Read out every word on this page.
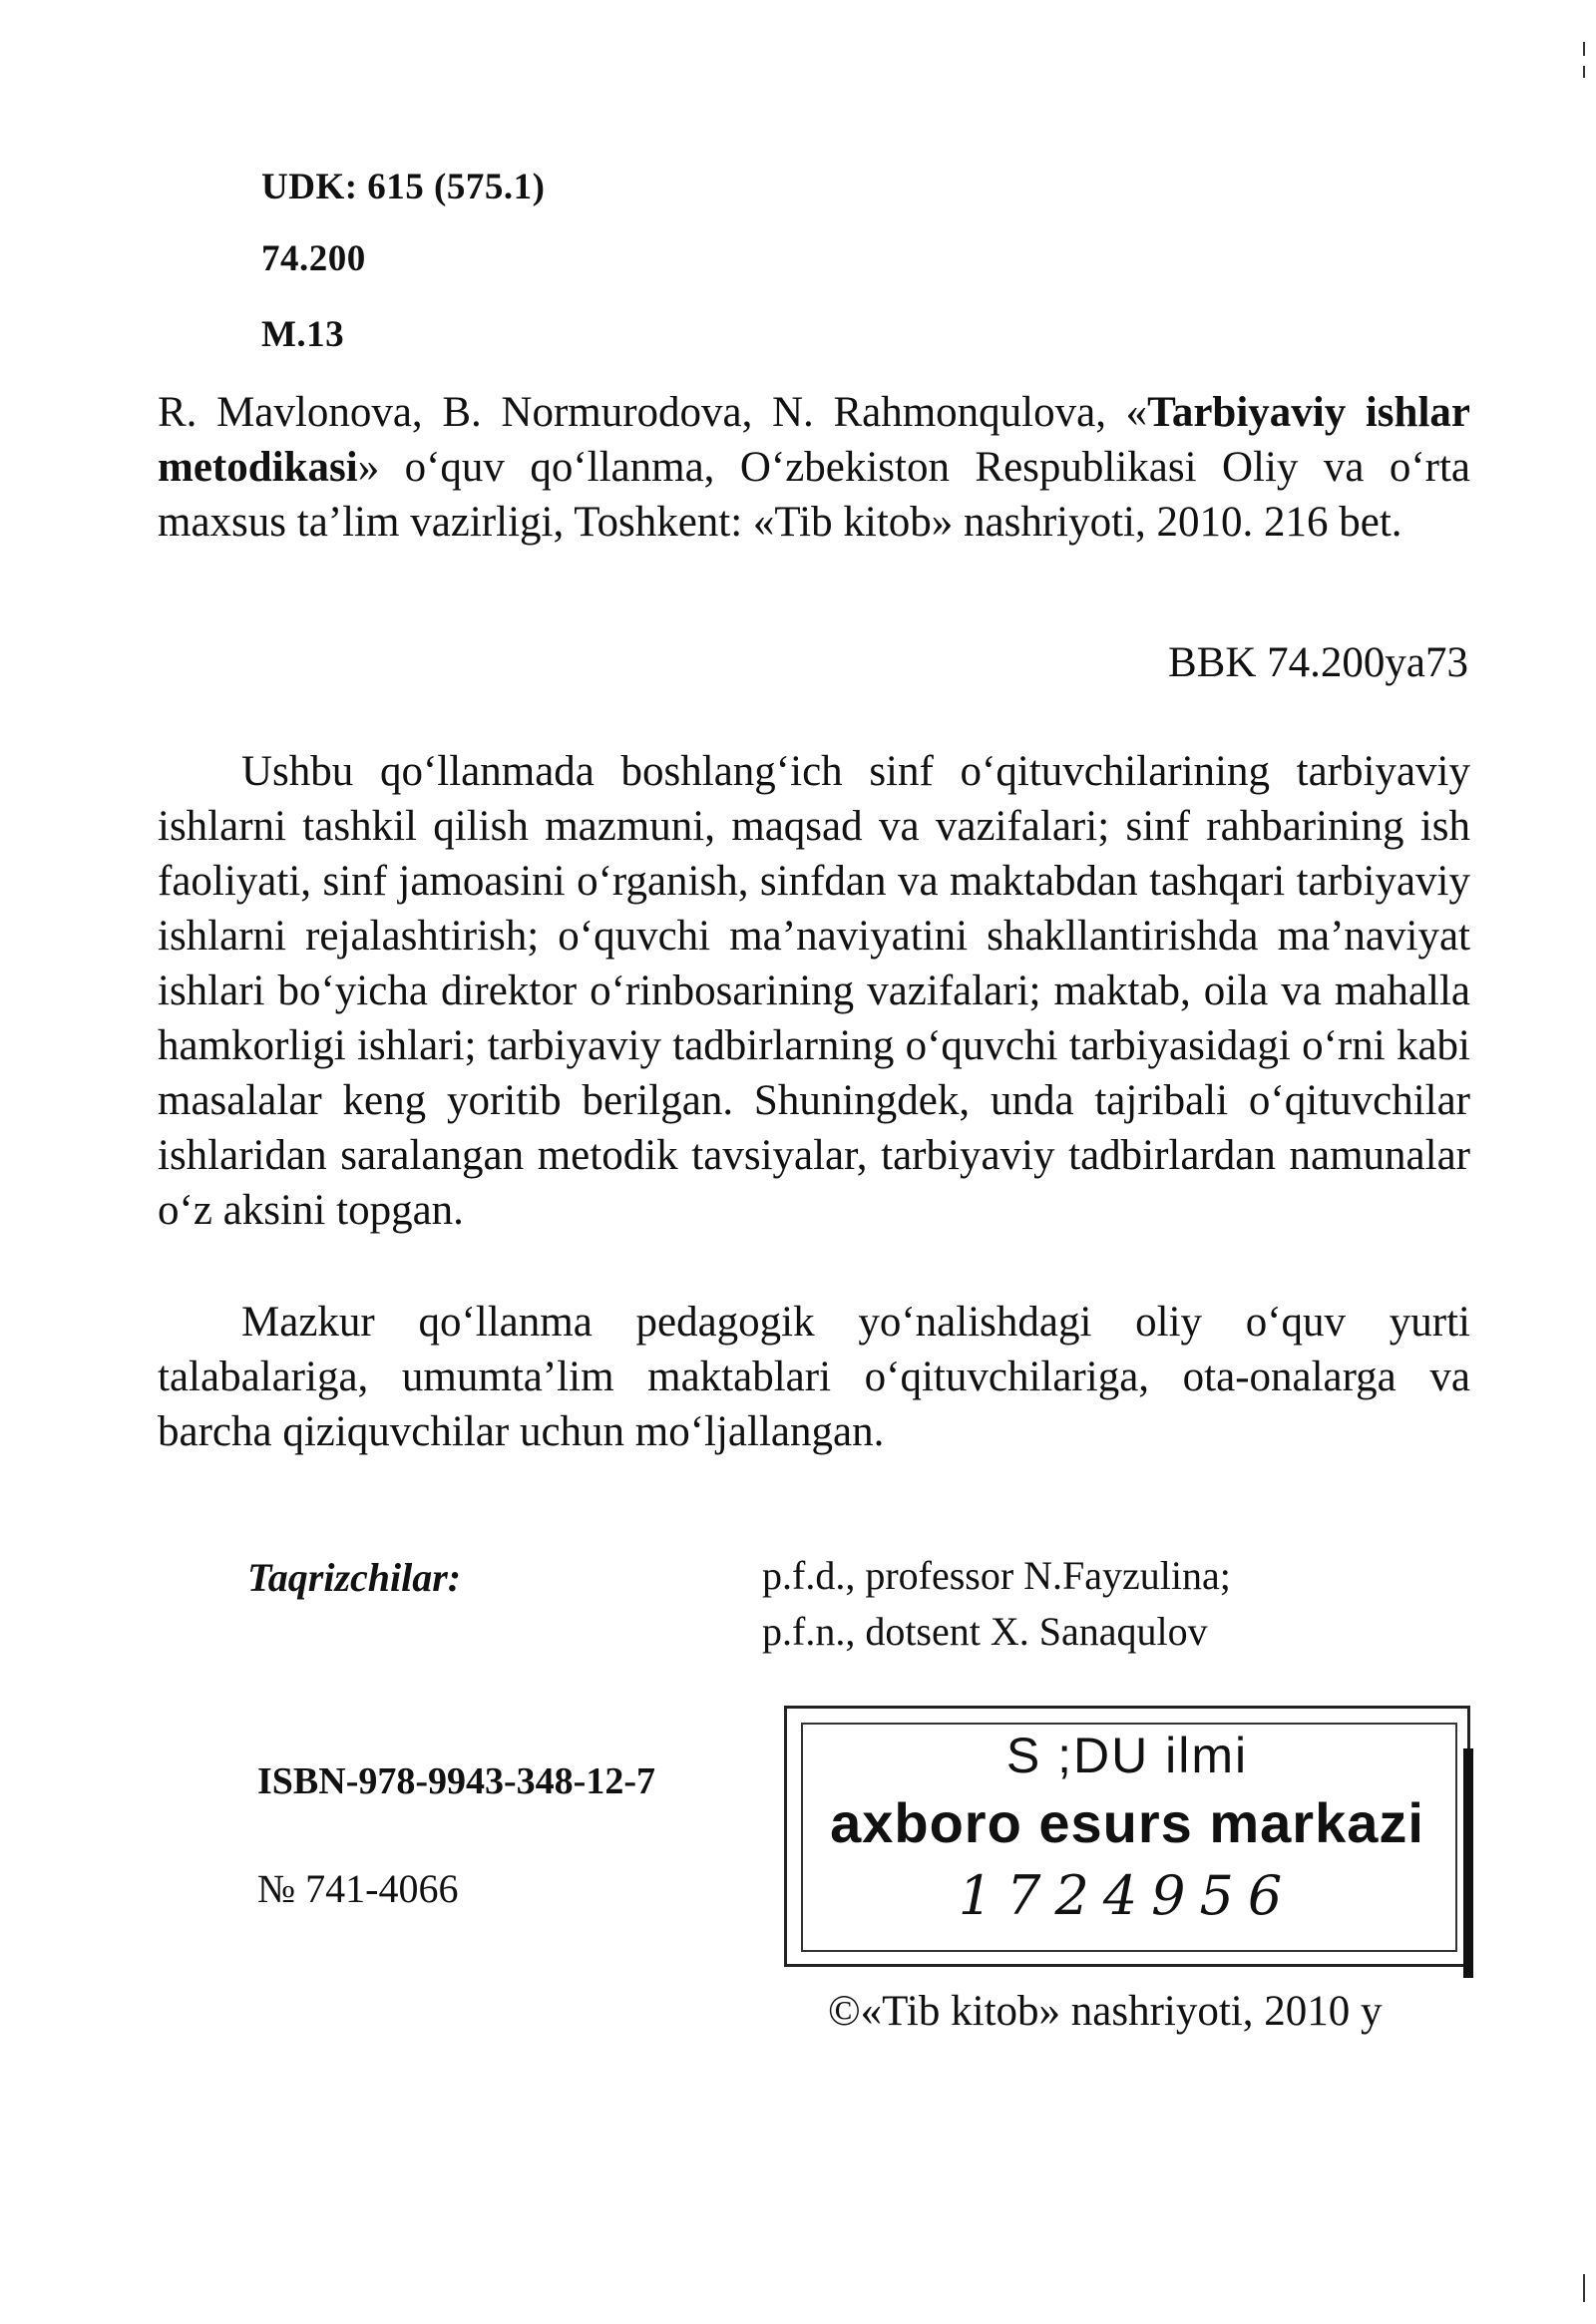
UDK: 615 (575.1)
74.200
M.13
R. Mavlonova, B. Normurodova, N. Rahmonqulova, «Tarbiyaviy ishlar metodikasi» o‘quv qo‘llanma, O‘zbekiston Respublikasi Oliy va o‘rta maxsus ta’lim vazirligi, Toshkent: «Tib kitob» nashriyoti, 2010. 216 bet.
BBK 74.200ya73
Ushbu qo‘llanmada boshlang‘ich sinf o‘qituvchilarining tarbiyaviy ishlarni tashkil qilish mazmuni, maqsad va vazifalari; sinf rahbarining ish faoliyati, sinf jamoasini o‘rganish, sinfdan va maktabdan tashqari tarbiyaviy ishlarni rejalashtirish; o‘quvchi ma’naviyatini shakllantirishda ma’naviyat ishlari bo‘yicha direktor o‘rinbosarining vazifalari; maktab, oila va mahalla hamkorligi ishlari; tarbiyaviy tadbirlarning o‘quvchi tarbiyasidagi o‘rni kabi masalalar keng yoritib berilgan. Shuningdek, unda tajribali o‘qituvchilar ishlaridan saralangan metodik tavsiyalar, tarbiyaviy tadbirlardan namunalar o‘z aksini topgan.
Mazkur qo‘llanma pedagogik yo‘nalishdagi oliy o‘quv yurti talabalariga, umumta’lim maktablari o‘qituvchilariga, ota-onalarga va barcha qiziquvchilar uchun mo‘ljallangan.
Taqrizchilar:	p.f.d., professor N.Fayzulina;
p.f.n., dotsent X. Sanaqulov
ISBN-978-9943-348-12-7
№ 741-4066
S ;DU ilmi
axboro esurs markazi
1724956
©«Tib kitob» nashriyoti, 2010 y
